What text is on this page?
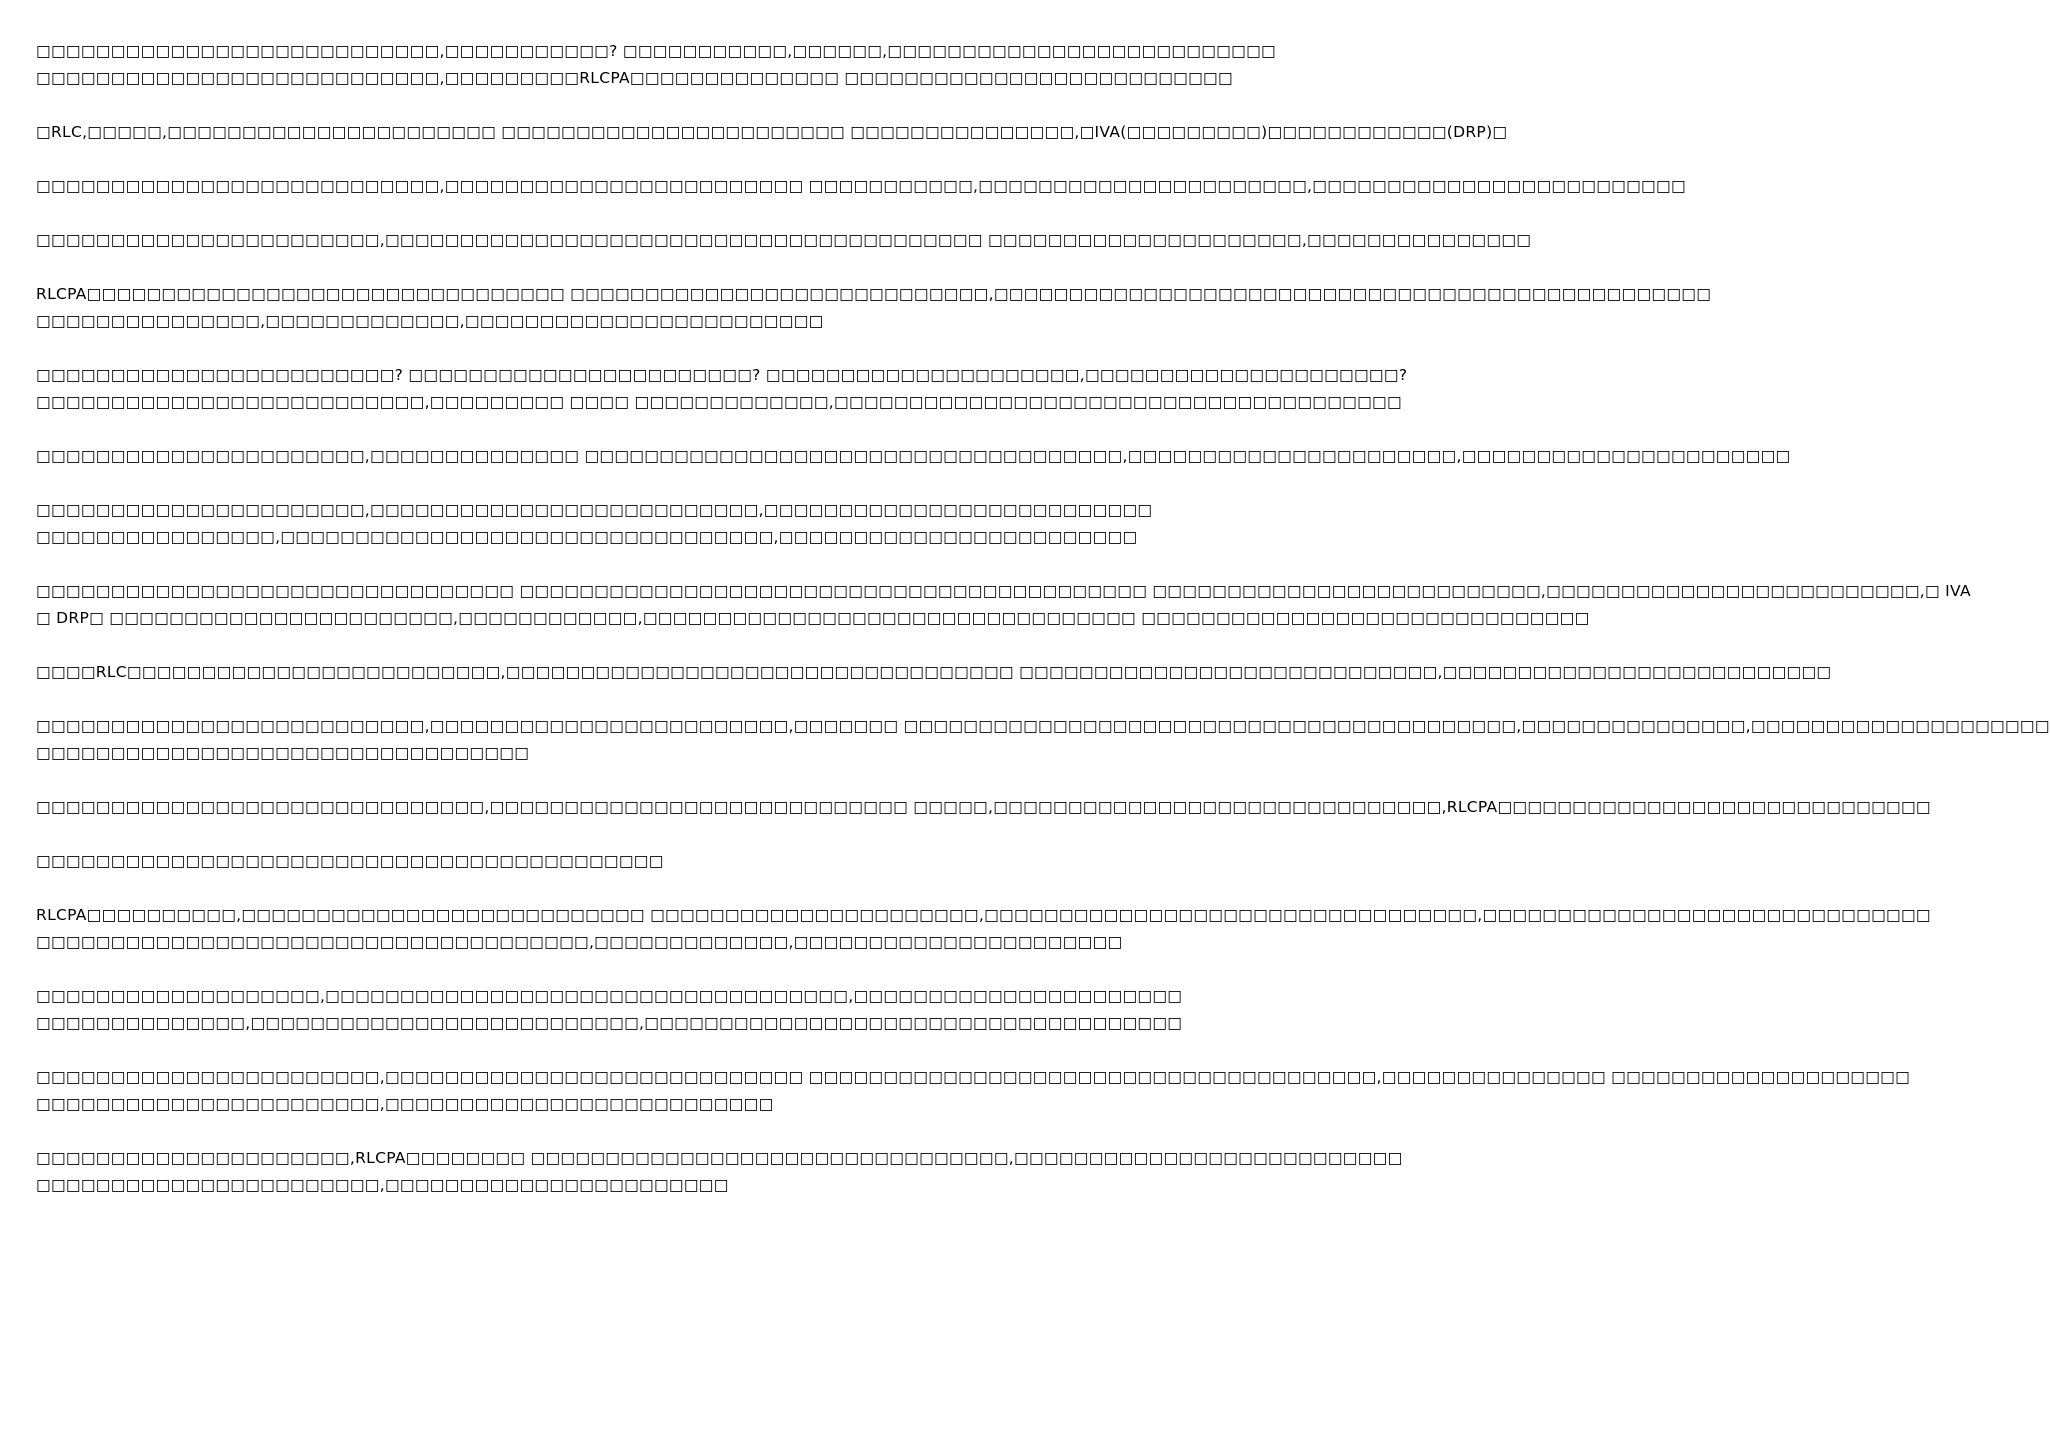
□□□□□□□□□□□□□□□□□□□□□□□□□□□,□□□□□□□□□□□? □□□□□□□□□□□,□□□□□□,□□□□□□□□□□□□□□□□□□□□□□□□□□
□□□□□□□□□□□□□□□□□□□□□□□□□□□,□□□□□□□□□RLCPA□□□□□□□□□□□□□□ □□□□□□□□□□□□□□□□□□□□□□□□□□

□RLC,□□□□□,□□□□□□□□□□□□□□□□□□□□□□ □□□□□□□□□□□□□□□□□□□□□□□ □□□□□□□□□□□□□□□,□IVA(□□□□□□□□□)□□□□□□□□□□□□(DRP)□

□□□□□□□□□□□□□□□□□□□□□□□□□□□,□□□□□□□□□□□□□□□□□□□□□□□□ □□□□□□□□□□□,□□□□□□□□□□□□□□□□□□□□□□,□□□□□□□□□□□□□□□□□□□□□□□□□

□□□□□□□□□□□□□□□□□□□□□□□,□□□□□□□□□□□□□□□□□□□□□□□□□□□□□□□□□□□□□□□□ □□□□□□□□□□□□□□□□□□□□□,□□□□□□□□□□□□□□□

RLCPA□□□□□□□□□□□□□□□□□□□□□□□□□□□□□□□□ □□□□□□□□□□□□□□□□□□□□□□□□□□□□,□□□□□□□□□□□□□□□□□□□□□□□□□□□□□□□□□□□□□□□□□□□□□□□□
□□□□□□□□□□□□□□□,□□□□□□□□□□□□□,□□□□□□□□□□□□□□□□□□□□□□□□

□□□□□□□□□□□□□□□□□□□□□□□□? □□□□□□□□□□□□□□□□□□□□□□□? □□□□□□□□□□□□□□□□□□□□□,□□□□□□□□□□□□□□□□□□□□□?
□□□□□□□□□□□□□□□□□□□□□□□□□□,□□□□□□□□□ □□□□ □□□□□□□□□□□□□,□□□□□□□□□□□□□□□□□□□□□□□□□□□□□□□□□□□□□□

□□□□□□□□□□□□□□□□□□□□□□,□□□□□□□□□□□□□□ □□□□□□□□□□□□□□□□□□□□□□□□□□□□□□□□□□□□,□□□□□□□□□□□□□□□□□□□□□□,□□□□□□□□□□□□□□□□□□□□□□

□□□□□□□□□□□□□□□□□□□□□□,□□□□□□□□□□□□□□□□□□□□□□□□□□,□□□□□□□□□□□□□□□□□□□□□□□□□□
□□□□□□□□□□□□□□□□,□□□□□□□□□□□□□□□□□□□□□□□□□□□□□□□□□,□□□□□□□□□□□□□□□□□□□□□□□□

□□□□□□□□□□□□□□□□□□□□□□□□□□□□□□□□ □□□□□□□□□□□□□□□□□□□□□□□□□□□□□□□□□□□□□□□□□□ □□□□□□□□□□□□□□□□□□□□□□□□□□,□□□□□□□□□□□□□□□□□□□□□□□□□,□ IVA
□ DRP□ □□□□□□□□□□□□□□□□□□□□□□□,□□□□□□□□□□□□,□□□□□□□□□□□□□□□□□□□□□□□□□□□□□□□□□ □□□□□□□□□□□□□□□□□□□□□□□□□□□□□□

□□□□RLC□□□□□□□□□□□□□□□□□□□□□□□□□,□□□□□□□□□□□□□□□□□□□□□□□□□□□□□□□□□□ □□□□□□□□□□□□□□□□□□□□□□□□□□□□,□□□□□□□□□□□□□□□□□□□□□□□□□□

□□□□□□□□□□□□□□□□□□□□□□□□□□,□□□□□□□□□□□□□□□□□□□□□□□□,□□□□□□□ □□□□□□□□□□□□□□□□□□□□□□□□□□□□□□□□□□□□□□□□□,□□□□□□□□□□□□□□□,□□□□□□□□□□□□□□□□□□□□
□□□□□□□□□□□□□□□□□□□□□□□□□□□□□□□□□

□□□□□□□□□□□□□□□□□□□□□□□□□□□□□□,□□□□□□□□□□□□□□□□□□□□□□□□□□□□ □□□□□,□□□□□□□□□□□□□□□□□□□□□□□□□□□□□□,RLCPA□□□□□□□□□□□□□□□□□□□□□□□□□□□□□

□□□□□□□□□□□□□□□□□□□□□□□□□□□□□□□□□□□□□□□□□□

RLCPA□□□□□□□□□□,□□□□□□□□□□□□□□□□□□□□□□□□□□□ □□□□□□□□□□□□□□□□□□□□□□,□□□□□□□□□□□□□□□□□□□□□□□□□□□□□□□□□,□□□□□□□□□□□□□□□□□□□□□□□□□□□□□□
□□□□□□□□□□□□□□□□□□□□□□□□□□□□□□□□□□□□□,□□□□□□□□□□□□□,□□□□□□□□□□□□□□□□□□□□□□

□□□□□□□□□□□□□□□□□□□,□□□□□□□□□□□□□□□□□□□□□□□□□□□□□□□□□□□,□□□□□□□□□□□□□□□□□□□□□□
□□□□□□□□□□□□□□,□□□□□□□□□□□□□□□□□□□□□□□□□□,□□□□□□□□□□□□□□□□□□□□□□□□□□□□□□□□□□□□

□□□□□□□□□□□□□□□□□□□□□□□,□□□□□□□□□□□□□□□□□□□□□□□□□□□□ □□□□□□□□□□□□□□□□□□□□□□□□□□□□□□□□□□□□□□,□□□□□□□□□□□□□□□ □□□□□□□□□□□□□□□□□□□□
□□□□□□□□□□□□□□□□□□□□□□□,□□□□□□□□□□□□□□□□□□□□□□□□□□

□□□□□□□□□□□□□□□□□□□□□,RLCPA□□□□□□□□ □□□□□□□□□□□□□□□□□□□□□□□□□□□□□□□□,□□□□□□□□□□□□□□□□□□□□□□□□□□
□□□□□□□□□□□□□□□□□□□□□□□,□□□□□□□□□□□□□□□□□□□□□□□
